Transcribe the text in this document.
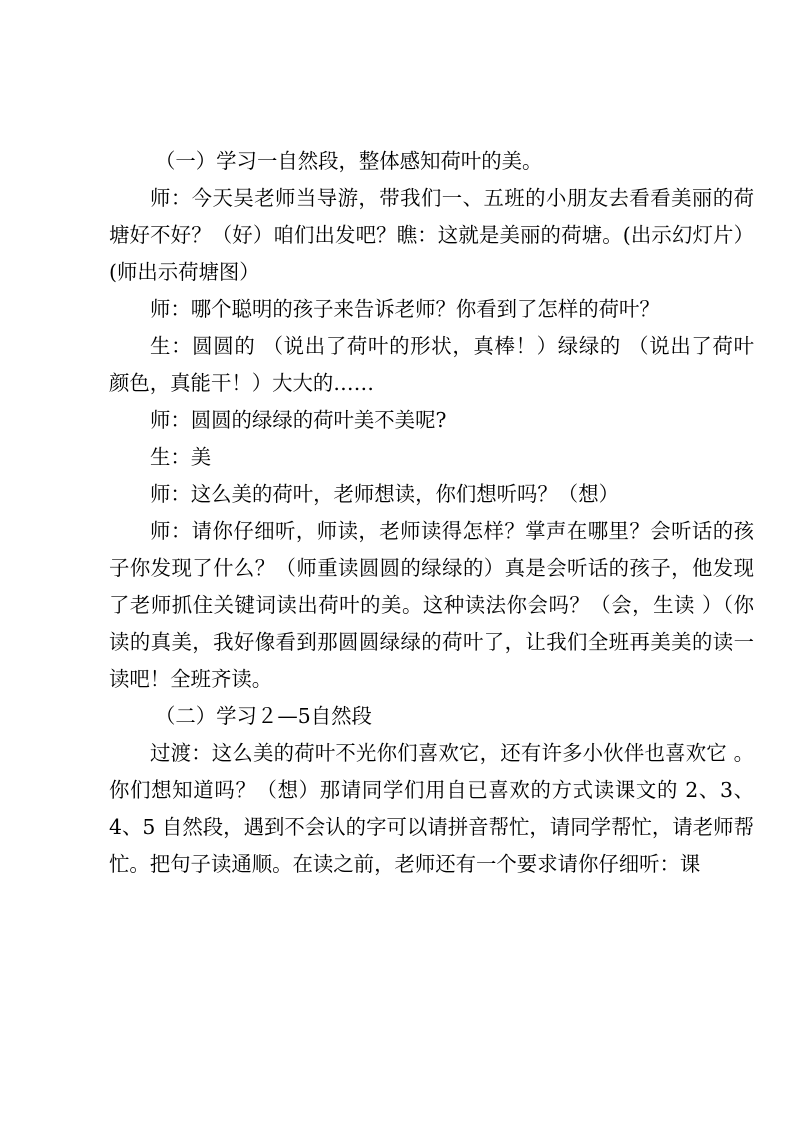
（一）学习一自然段，整体感知荷叶的美。

师：今天吴老师当导游，带我们一、五班的小朋友去看看美丽的荷塘好不好？（好）咱们出发吧？瞧：这就是美丽的荷塘。(出示幻灯片）(师出示荷塘图）

师：哪个聪明的孩子来告诉老师？你看到了怎样的荷叶？

生：圆圆的 （说出了荷叶的形状，真棒！）绿绿的 （说出了荷叶颜色，真能干！）大大的……

师：圆圆的绿绿的荷叶美不美呢?

生：美

师：这么美的荷叶，老师想读，你们想听吗？（想）

师：请你仔细听，师读，老师读得怎样？掌声在哪里？会听话的孩子你发现了什么？（师重读圆圆的绿绿的）真是会听话的孩子，他发现了老师抓住关键词读出荷叶的美。这种读法你会吗？（会，生读 ）（你读的真美，我好像看到那圆圆绿绿的荷叶了，让我们全班再美美的读一读吧！全班齐读。

（二）学习２—5自然段

过渡：这么美的荷叶不光你们喜欢它，还有许多小伙伴也喜欢它 。你们想知道吗？（想）那请同学们用自已喜欢的方式读课文的 2、3、4、5 自然段，遇到不会认的字可以请拼音帮忙，请同学帮忙，请老师帮忙。把句子读通顺。在读之前，老师还有一个要求请你仔细听：课
